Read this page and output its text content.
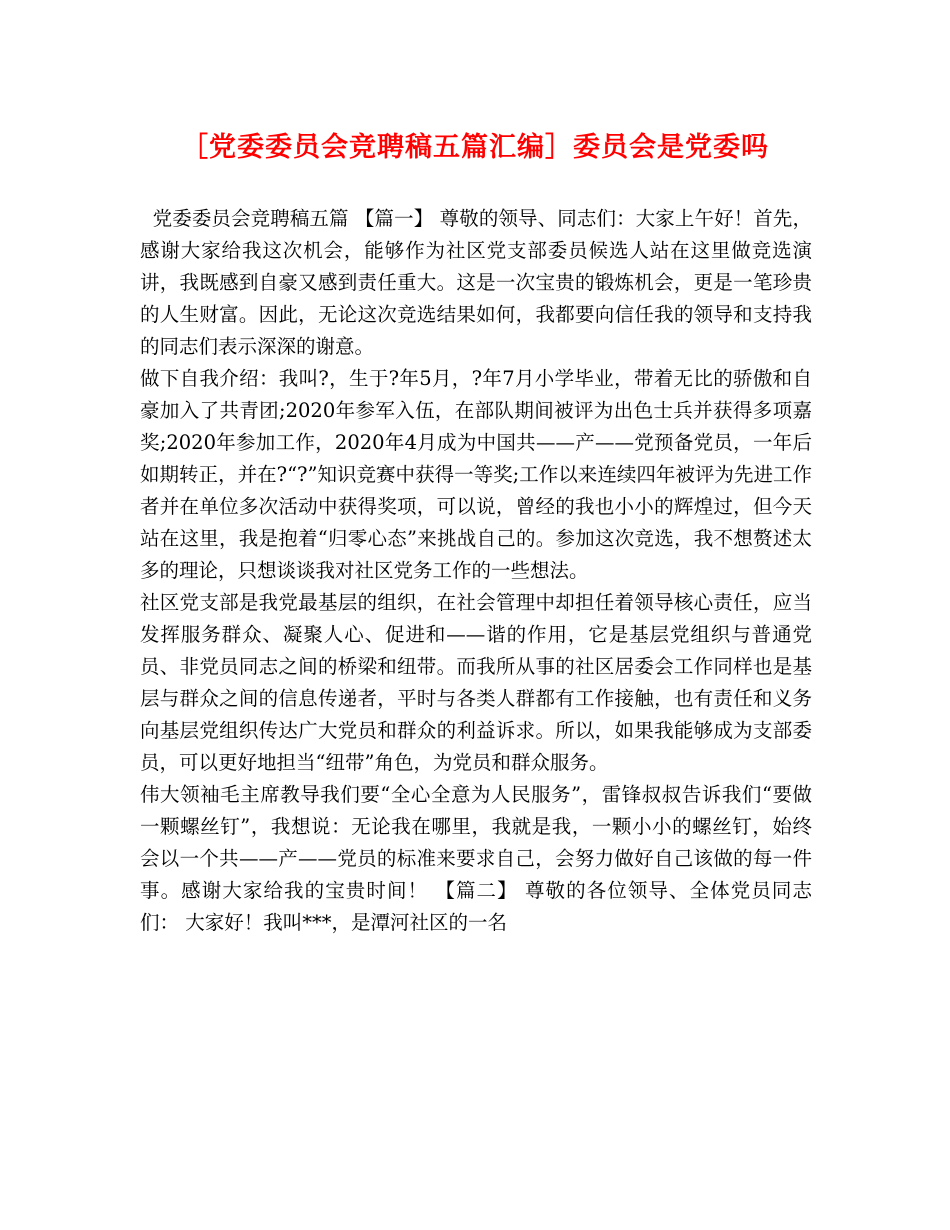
［党委委员会竞聘稿五篇汇编］委员会是党委吗

党委委员会竞聘稿五篇 【篇一】 尊敬的领导、同志们：大家上午好！首先，感谢大家给我这次机会，能够作为社区党支部委员候选人站在这里做竞选演讲，我既感到自豪又感到责任重大。这是一次宝贵的锻炼机会，更是一笔珍贵的人生财富。因此，无论这次竞选结果如何，我都要向信任我的领导和支持我的同志们表示深深的谢意。

做下自我介绍：我叫?，生于?年5月，?年7月小学毕业，带着无比的骄傲和自豪加入了共青团;2020年参军入伍，在部队期间被评为出色士兵并获得多项嘉奖;2020年参加工作，2020年4月成为中国共——产——党预备党员，一年后如期转正，并在?“?”知识竞赛中获得一等奖;工作以来连续四年被评为先进工作者并在单位多次活动中获得奖项，可以说，曾经的我也小小的辉煌过，但今天站在这里，我是抱着“归零心态”来挑战自己的。参加这次竞选，我不想赘述太多的理论，只想谈谈我对社区党务工作的一些想法。

社区党支部是我党最基层的组织，在社会管理中却担任着领导核心责任，应当发挥服务群众、凝聚人心、促进和——谐的作用，它是基层党组织与普通党员、非党员同志之间的桥梁和纽带。而我所从事的社区居委会工作同样也是基层与群众之间的信息传递者，平时与各类人群都有工作接触，也有责任和义务向基层党组织传达广大党员和群众的利益诉求。所以，如果我能够成为支部委员，可以更好地担当“纽带”角色，为党员和群众服务。

伟大领袖毛主席教导我们要“全心全意为人民服务”，雷锋叔叔告诉我们“要做一颗螺丝钉”，我想说：无论我在哪里，我就是我，一颗小小的螺丝钉，始终会以一个共——产——党员的标准来要求自己，会努力做好自己该做的每一件事。感谢大家给我的宝贵时间！ 【篇二】 尊敬的各位领导、全体党员同志们： 大家好！我叫***，是潭河社区的一名
